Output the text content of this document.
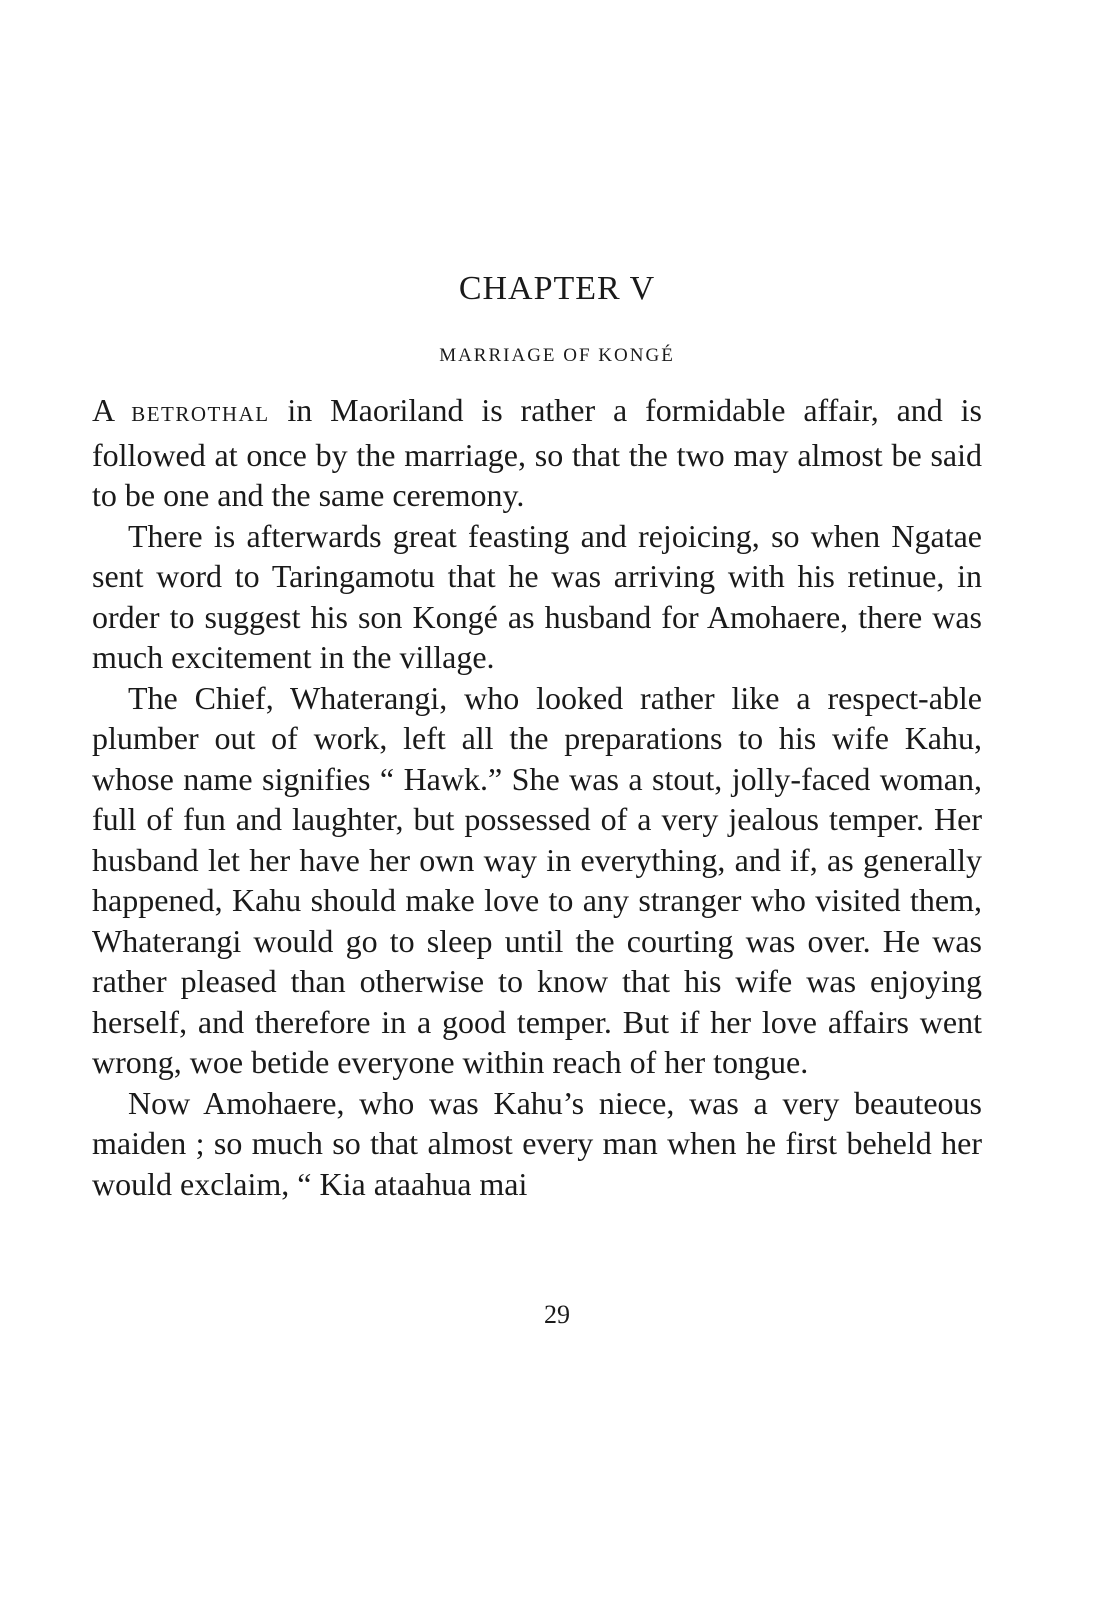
CHAPTER V
MARRIAGE OF KONGÉ

A BETROTHAL in Maoriland is rather a formidable affair, and is followed at once by the marriage, so that the two may almost be said to be one and the same ceremony.

There is afterwards great feasting and rejoicing, so when Ngatae sent word to Taringamotu that he was arriving with his retinue, in order to suggest his son Kongé as husband for Amohaere, there was much excitement in the village.

The Chief, Whaterangi, who looked rather like a respect-able plumber out of work, left all the preparations to his wife Kahu, whose name signifies “ Hawk.” She was a stout, jolly-faced woman, full of fun and laughter, but possessed of a very jealous temper. Her husband let her have her own way in everything, and if, as generally happened, Kahu should make love to any stranger who visited them, Whaterangi would go to sleep until the courting was over. He was rather pleased than otherwise to know that his wife was enjoying herself, and therefore in a good temper. But if her love affairs went wrong, woe betide everyone within reach of her tongue.

Now Amohaere, who was Kahu’s niece, was a very beauteous maiden ; so much so that almost every man when he first beheld her would exclaim, “ Kia ataahua mai

29
